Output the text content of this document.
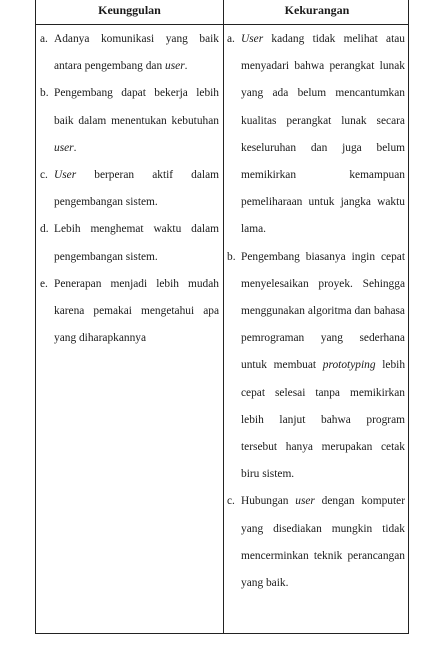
Keunggulan	Kekurangan
a. Adanya komunikasi yang baik antara pengembang dan user.
b. Pengembang dapat bekerja lebih baik dalam menentukan kebutuhan user.
c. User berperan aktif dalam pengembangan sistem.
d. Lebih menghemat waktu dalam pengembangan sistem.
e. Penerapan menjadi lebih mudah karena pemakai mengetahui apa yang diharapkannya
a. User kadang tidak melihat atau menyadari bahwa perangkat lunak yang ada belum mencantumkan kualitas perangkat lunak secara keseluruhan dan juga belum memikirkan kemampuan pemeliharaan untuk jangka waktu lama.
b. Pengembang biasanya ingin cepat menyelesaikan proyek. Sehingga menggunakan algoritma dan bahasa pemrograman yang sederhana untuk membuat prototyping lebih cepat selesai tanpa memikirkan lebih lanjut bahwa program tersebut hanya merupakan cetak biru sistem.
c. Hubungan user dengan komputer yang disediakan mungkin tidak mencerminkan teknik perancangan yang baik.
